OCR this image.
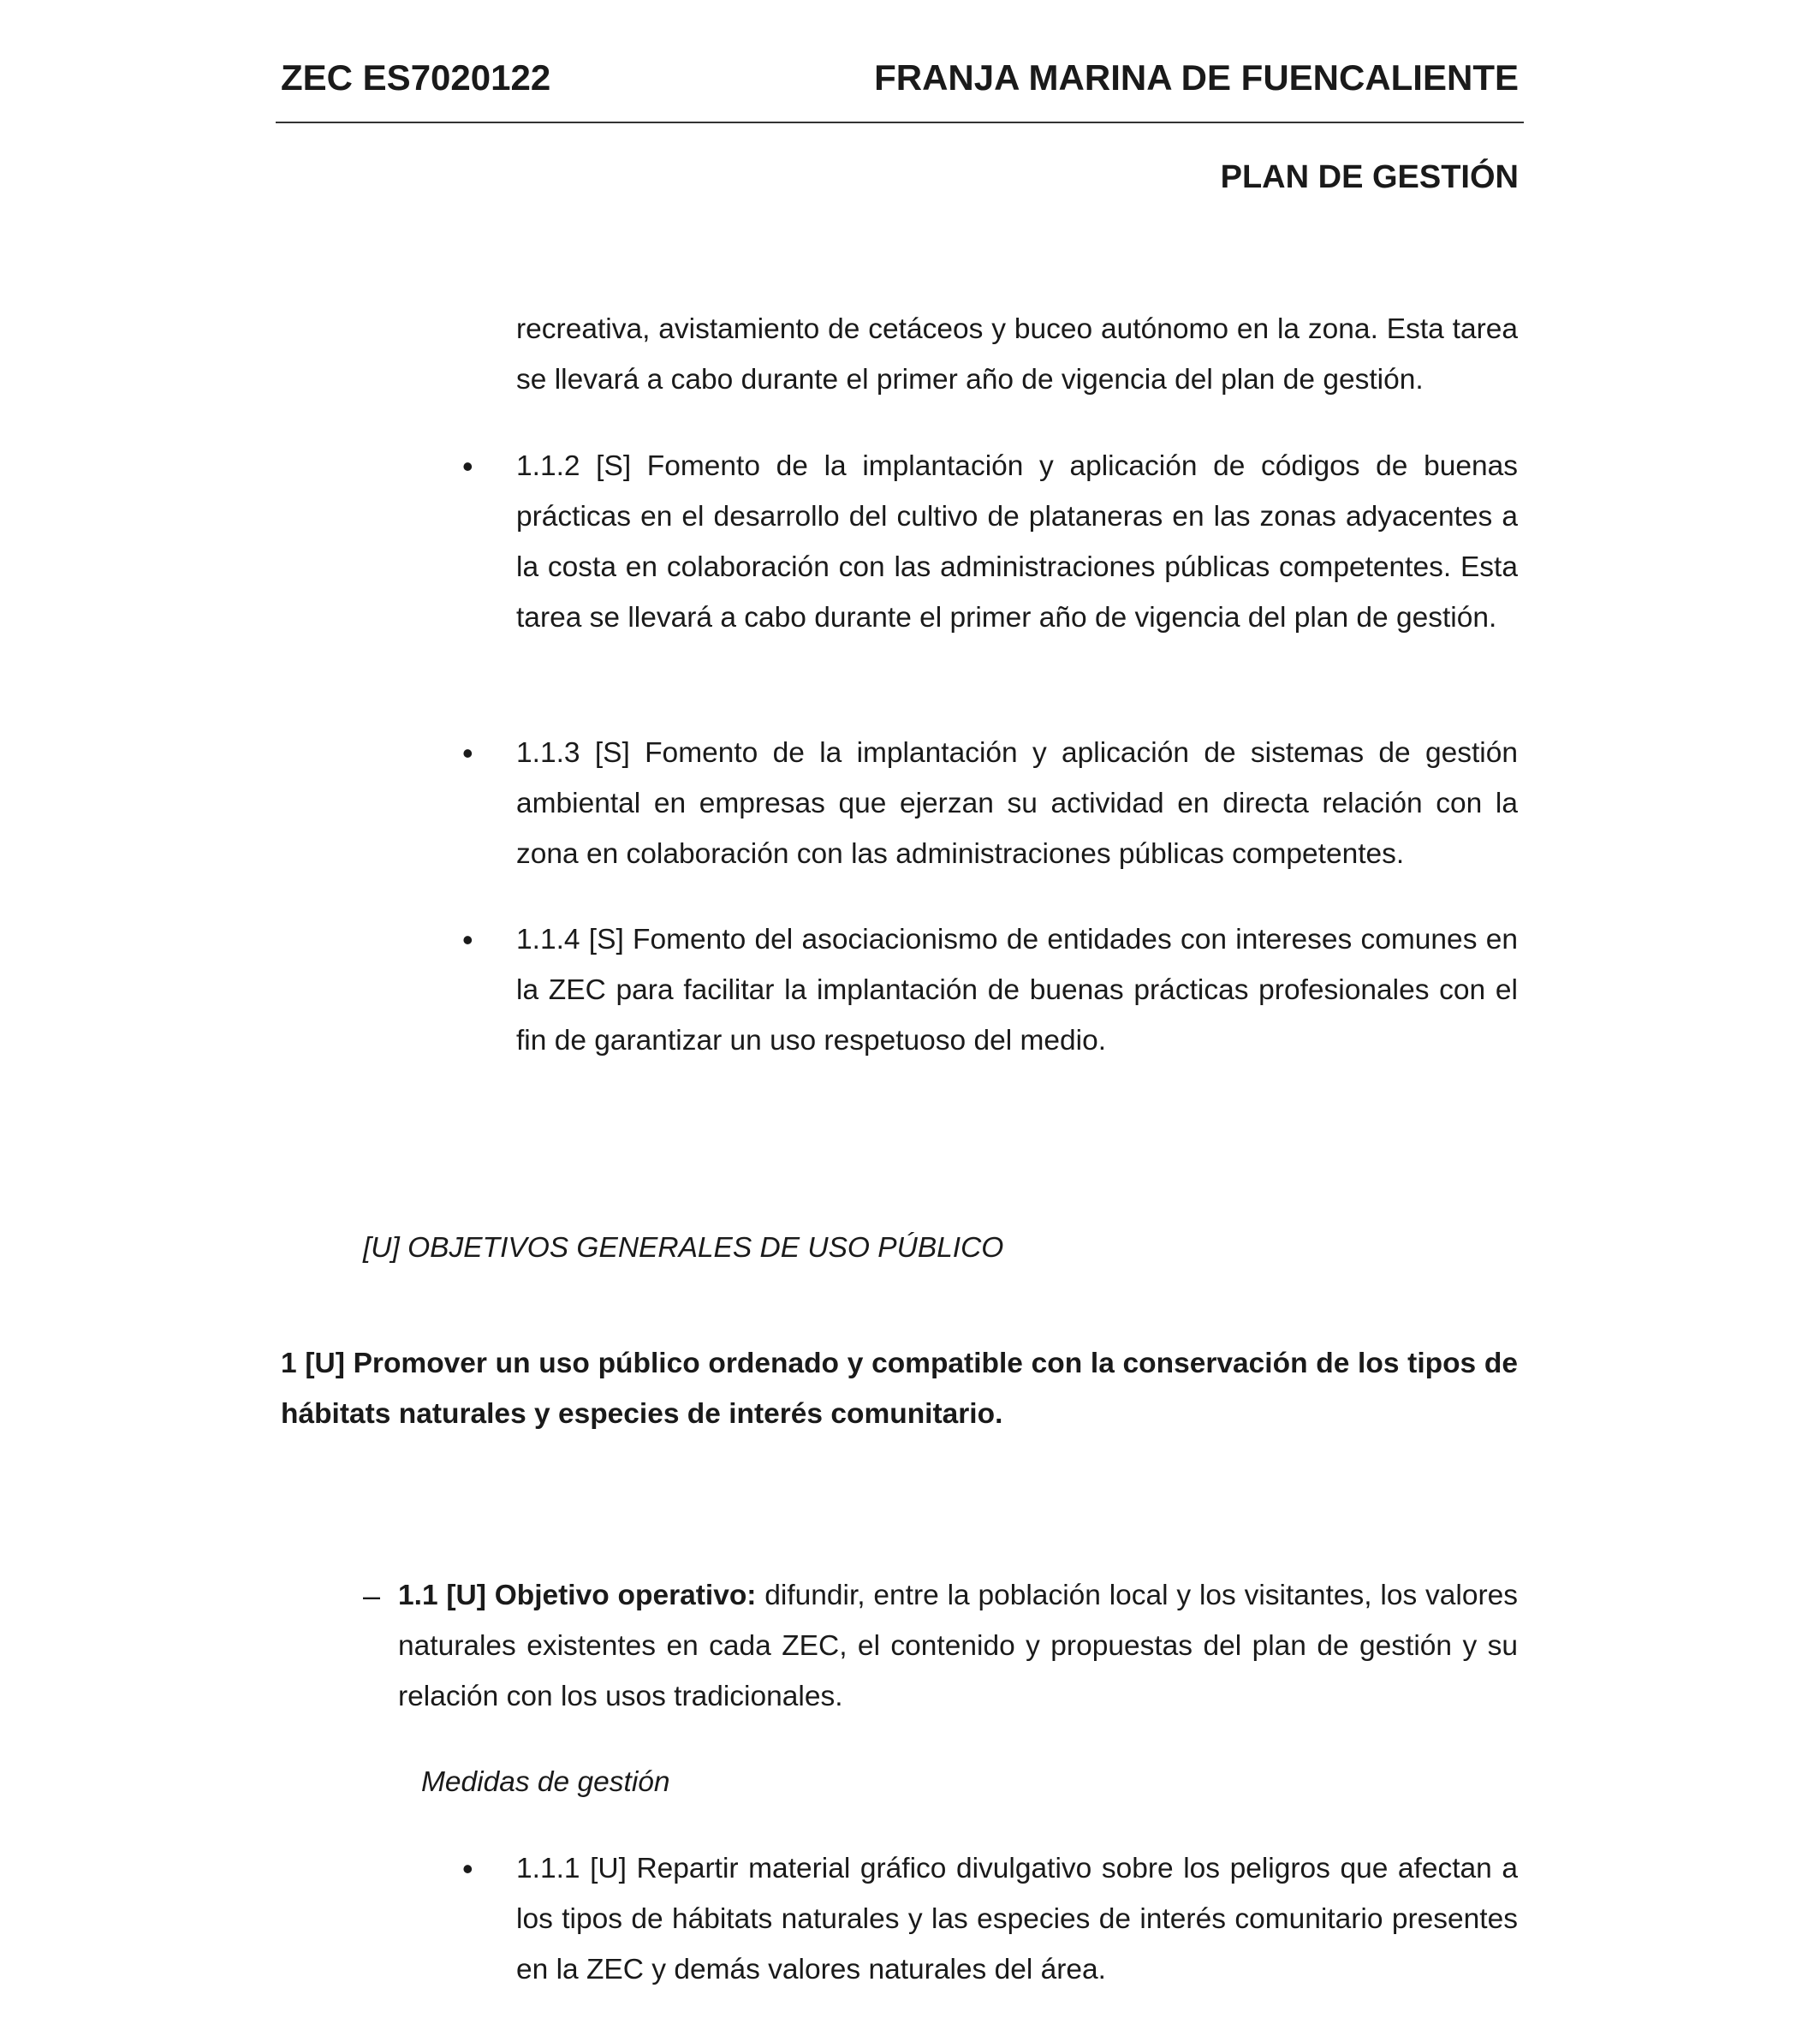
ZEC ES7020122	FRANJA MARINA DE FUENCALIENTE
PLAN DE GESTIÓN
recreativa, avistamiento de cetáceos y buceo autónomo en la zona. Esta tarea se llevará a cabo durante el primer año de vigencia del plan de gestión.
• 1.1.2 [S] Fomento de la implantación y aplicación de códigos de buenas prácticas en el desarrollo del cultivo de plataneras en las zonas adyacentes a la costa en colaboración con las administraciones públicas competentes. Esta tarea se llevará a cabo durante el primer año de vigencia del plan de gestión.
• 1.1.3 [S] Fomento de la implantación y aplicación de sistemas de gestión ambiental en empresas que ejerzan su actividad en directa relación con la zona en colaboración con las administraciones públicas competentes.
• 1.1.4 [S] Fomento del asociacionismo de entidades con intereses comunes en la ZEC para facilitar la implantación de buenas prácticas profesionales con el fin de garantizar un uso respetuoso del medio.
[U] OBJETIVOS GENERALES DE USO PÚBLICO
1 [U] Promover un uso público ordenado y compatible con la conservación de los tipos de hábitats naturales y especies de interés comunitario.
– 1.1 [U] Objetivo operativo: difundir, entre la población local y los visitantes, los valores naturales existentes en cada ZEC, el contenido y propuestas del plan de gestión y su relación con los usos tradicionales.
Medidas de gestión
• 1.1.1 [U] Repartir material gráfico divulgativo sobre los peligros que afectan a los tipos de hábitats naturales y las especies de interés comunitario presentes en la ZEC y demás valores naturales del área.
